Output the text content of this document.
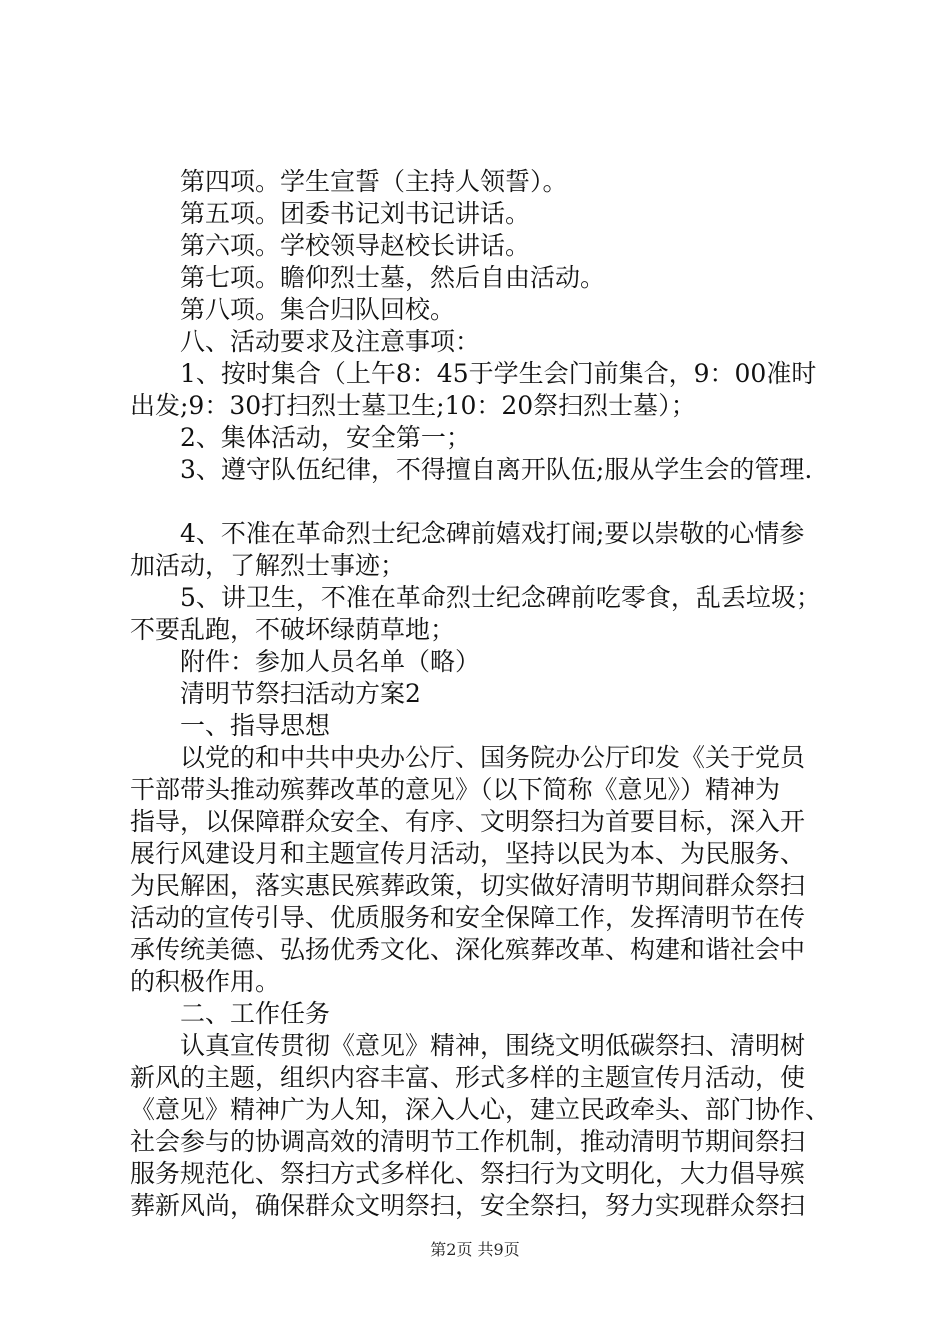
第四项。学生宣誓（主持人领誓）。
第五项。团委书记刘书记讲话。
第六项。学校领导赵校长讲话。
第七项。瞻仰烈士墓，然后自由活动。
第八项。集合归队回校。
八、活动要求及注意事项：
1、按时集合（上午8：45于学生会门前集合，9：00准时
出发;9：30打扫烈士墓卫生;10：20祭扫烈士墓）；
2、集体活动，安全第一；
3、遵守队伍纪律，不得擅自离开队伍;服从学生会的管理.
4、不准在革命烈士纪念碑前嬉戏打闹;要以崇敬的心情参
加活动，了解烈士事迹；
5、讲卫生，不准在革命烈士纪念碑前吃零食，乱丢垃圾；
不要乱跑，不破坏绿荫草地；
附件：参加人员名单（略）
清明节祭扫活动方案2
一、指导思想
以党的和中共中央办公厅、国务院办公厅印发《关于党员
干部带头推动殡葬改革的意见》（以下简称《意见》）精神为
指导，以保障群众安全、有序、文明祭扫为首要目标，深入开
展行风建设月和主题宣传月活动，坚持以民为本、为民服务、
为民解困，落实惠民殡葬政策，切实做好清明节期间群众祭扫
活动的宣传引导、优质服务和安全保障工作，发挥清明节在传
承传统美德、弘扬优秀文化、深化殡葬改革、构建和谐社会中
的积极作用。
二、工作任务
认真宣传贯彻《意见》精神，围绕文明低碳祭扫、清明树
新风的主题，组织内容丰富、形式多样的主题宣传月活动，使
《意见》精神广为人知，深入人心，建立民政牵头、部门协作、
社会参与的协调高效的清明节工作机制，推动清明节期间祭扫
服务规范化、祭扫方式多样化、祭扫行为文明化，大力倡导殡
葬新风尚，确保群众文明祭扫，安全祭扫，努力实现群众祭扫
第2页 共9页
